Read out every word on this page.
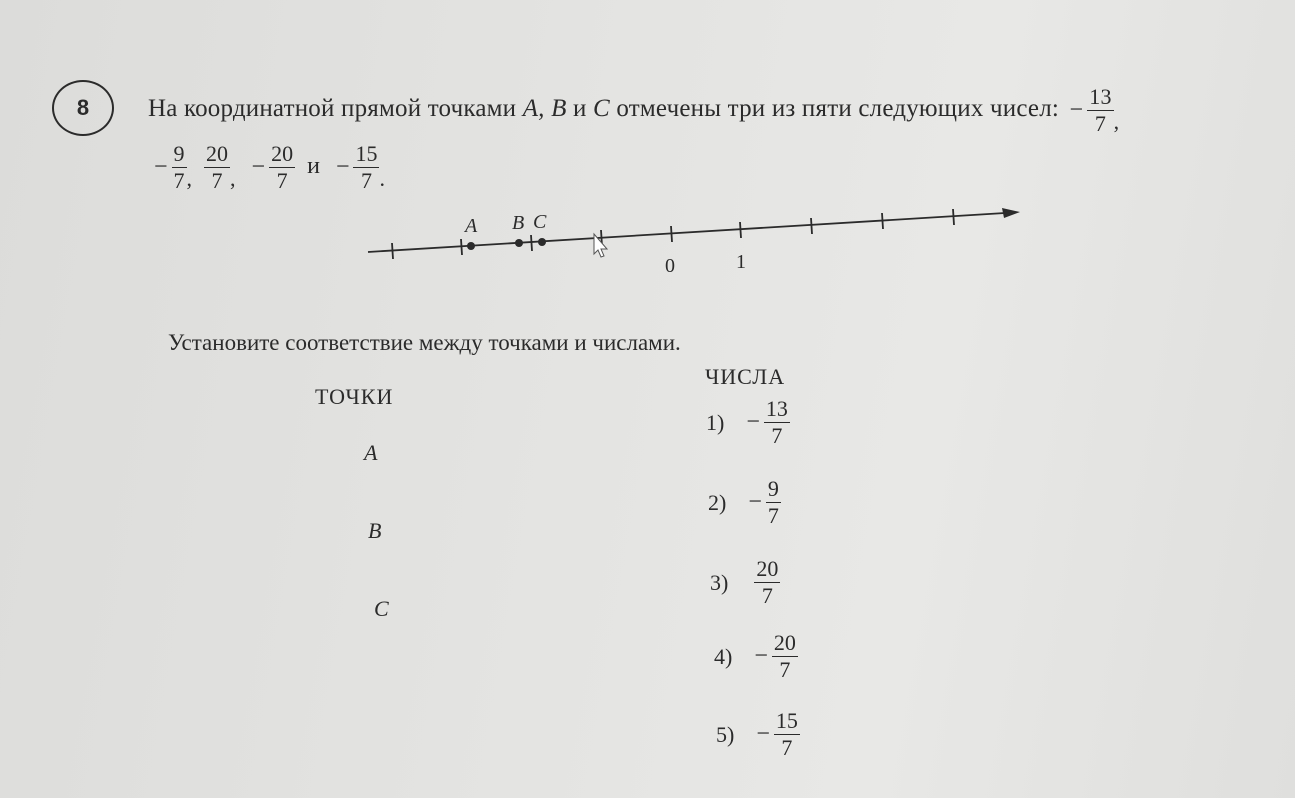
8 На координатной прямой точками A, B и C отмечены три из пяти следующих чисел: − $\frac{13}{7}$ ,
− $\frac{9}{7}$ , $\frac{20}{7}$ , − $\frac{20}{7}$ $и - \frac{15}{7}$ .
A B C
0	1
Установите соответствие между точками и числами.
ТОЧКИ
ЧИСЛА
A
B
C
$1) - \frac{13}{7}$
$2) - \frac{9}{7}$
$3) \frac{20}{7}$
$4) - \frac{20}{7}$
$5) - \frac{15}{7}$
